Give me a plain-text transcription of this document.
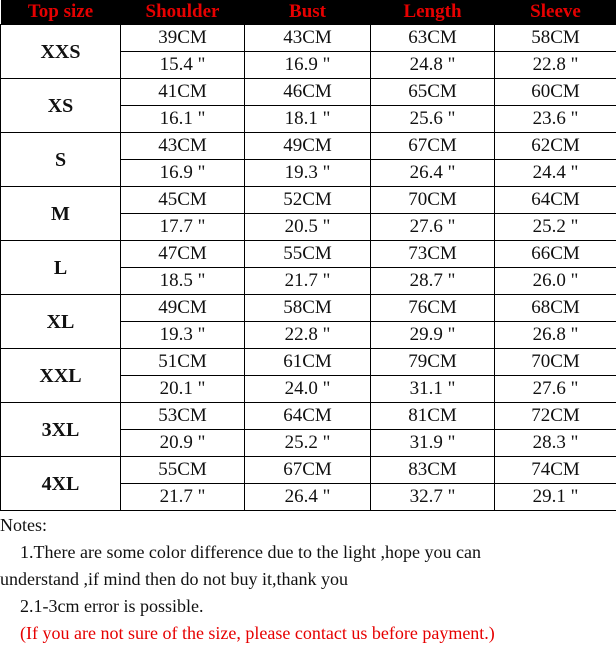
Top size	Shoulder	Bust	Length	Sleeve
XXS	39CM	43CM	63CM	58CM
	15.4 "	16.9 "	24.8 "	22.8 "
XS	41CM	46CM	65CM	60CM
	16.1 "	18.1 "	25.6 "	23.6 "
S	43CM	49CM	67CM	62CM
	16.9 "	19.3 "	26.4 "	24.4 "
M	45CM	52CM	70CM	64CM
	17.7 "	20.5 "	27.6 "	25.2 "
L	47CM	55CM	73CM	66CM
	18.5 "	21.7 "	28.7 "	26.0 "
XL	49CM	58CM	76CM	68CM
	19.3 "	22.8 "	29.9 "	26.8 "
XXL	51CM	61CM	79CM	70CM
	20.1 "	24.0 "	31.1 "	27.6 "
3XL	53CM	64CM	81CM	72CM
	20.9 "	25.2 "	31.9 "	28.3 "
4XL	55CM	67CM	83CM	74CM
	21.7 "	26.4 "	32.7 "	29.1 "

Notes:

1.There are some color difference due to the light ,hope you can

understand ,if mind then do not buy it,thank you

2.1-3cm error is possible.

(If you are not sure of the size, please contact us before payment.)
